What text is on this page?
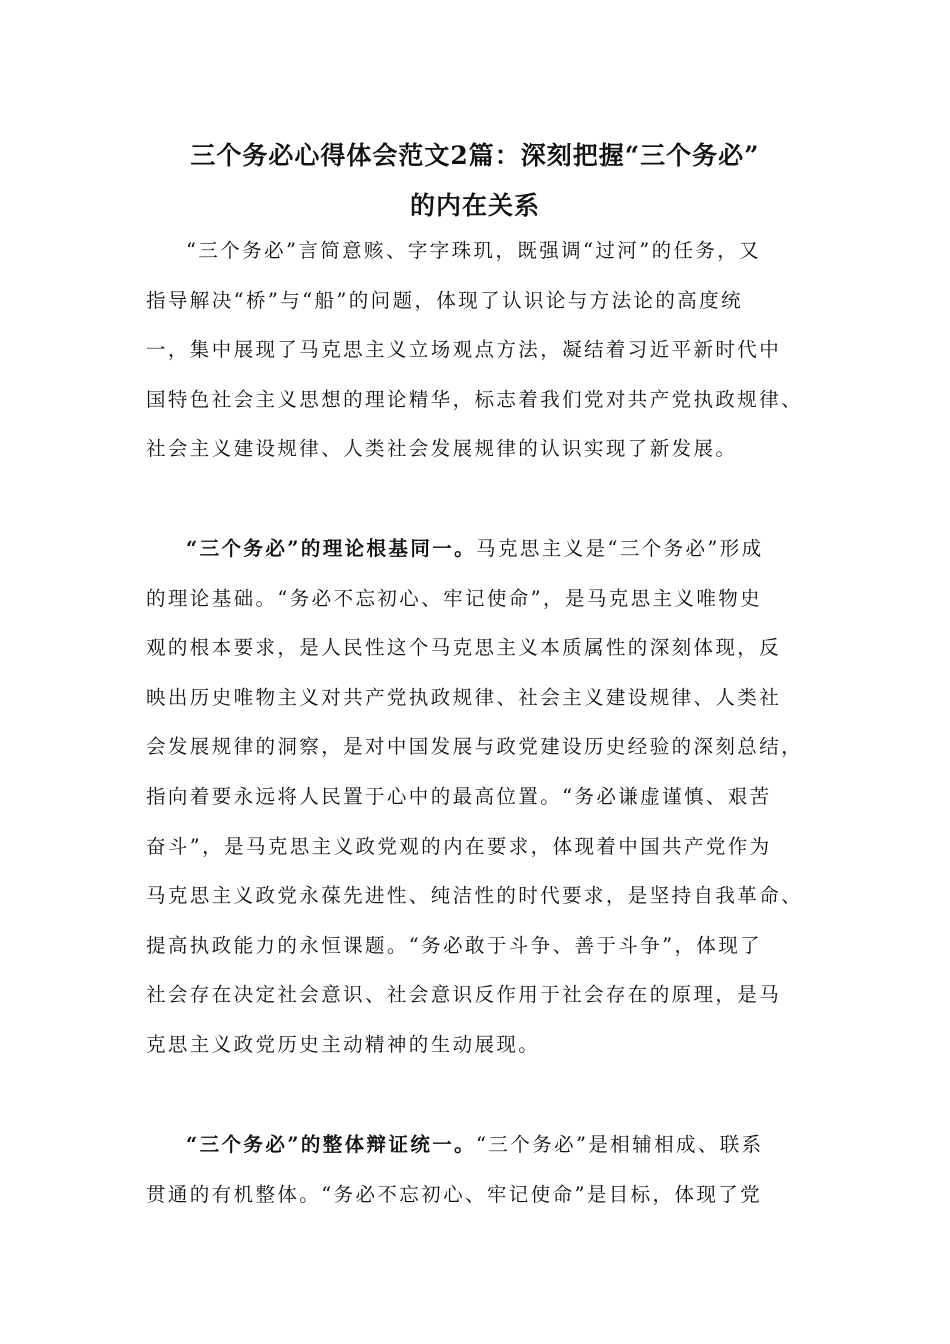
三个务必心得体会范文2篇：深刻把握“三个务必”
的内在关系
“三个务必”言简意赅、字字珠玑，既强调“过河”的任务，又
指导解决“桥”与“船”的问题，体现了认识论与方法论的高度统
一，集中展现了马克思主义立场观点方法，凝结着习近平新时代中
国特色社会主义思想的理论精华，标志着我们党对共产党执政规律、
社会主义建设规律、人类社会发展规律的认识实现了新发展。
“三个务必”的理论根基同一。马克思主义是“三个务必”形成
的理论基础。“务必不忘初心、牢记使命”，是马克思主义唯物史
观的根本要求，是人民性这个马克思主义本质属性的深刻体现，反
映出历史唯物主义对共产党执政规律、社会主义建设规律、人类社
会发展规律的洞察，是对中国发展与政党建设历史经验的深刻总结，
指向着要永远将人民置于心中的最高位置。“务必谦虚谨慎、艰苦
奋斗”，是马克思主义政党观的内在要求，体现着中国共产党作为
马克思主义政党永葆先进性、纯洁性的时代要求，是坚持自我革命、
提高执政能力的永恒课题。“务必敢于斗争、善于斗争”，体现了
社会存在决定社会意识、社会意识反作用于社会存在的原理，是马
克思主义政党历史主动精神的生动展现。
“三个务必”的整体辩证统一。“三个务必”是相辅相成、联系
贯通的有机整体。“务必不忘初心、牢记使命”是目标，体现了党
